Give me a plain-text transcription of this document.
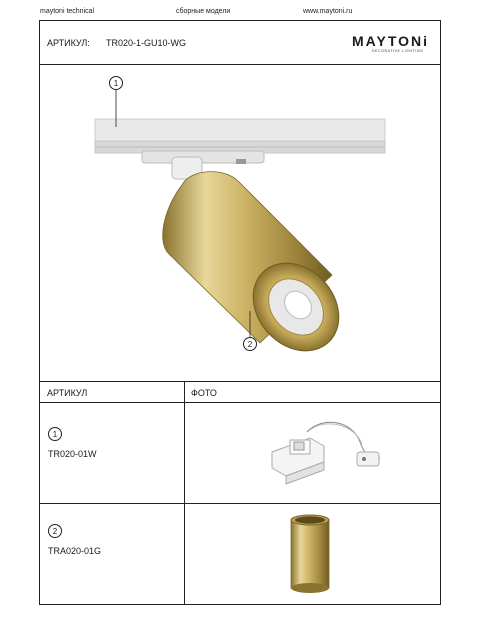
maytoni technical	сборные модели	www.maytoni.ru
АРТИКУЛ: TR020-1-GU10-WG	MAYTONi
DECORATIVE LIGHTING
1
2
АРТИКУЛ	ФОТО
1
TR020-01W
2
TRA020-01G
